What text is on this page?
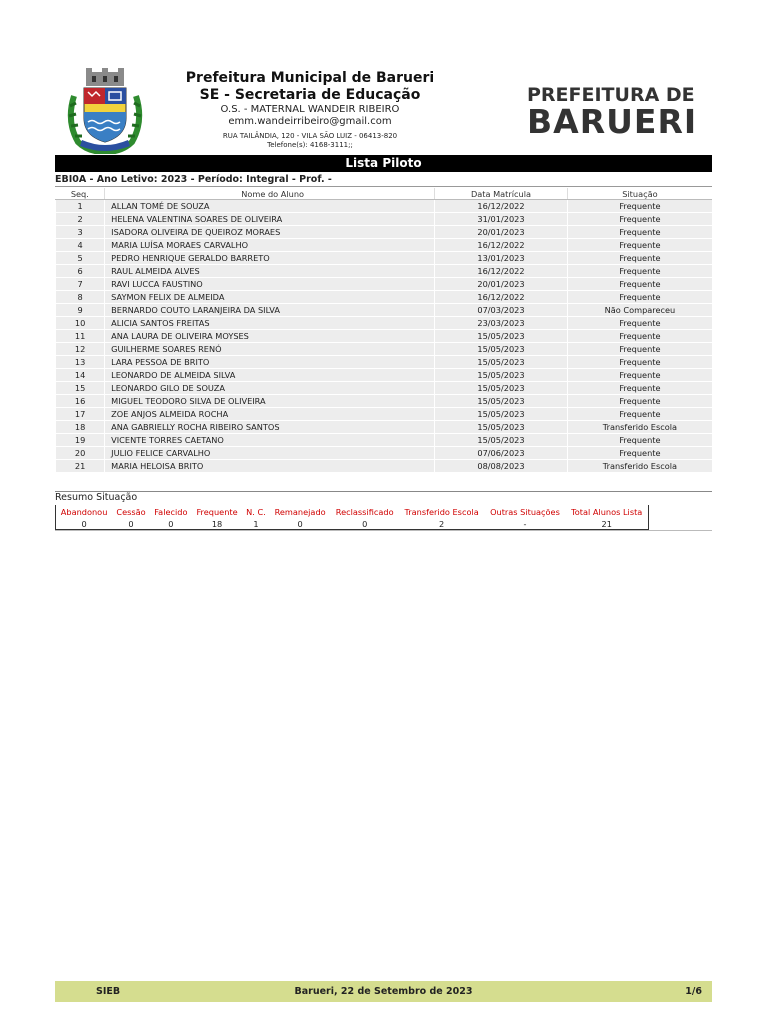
Prefeitura Municipal de Barueri
SE - Secretaria de Educação
O.S. - MATERNAL WANDEIR RIBEIRO
emm.wandeirribeiro@gmail.com
RUA TAILÂNDIA, 120 - VILA SÃO LUIZ - 06413-820
Telefone(s): 4168-3111;;
PREFEITURA DE
BARUERI
Lista Piloto
EBI0A - Ano Letivo: 2023 - Período: Integral - Prof. -
Seq.	Nome do Aluno	Data Matrícula	Situação
1	ALLAN TOMÉ DE SOUZA	16/12/2022	Frequente
2	HELENA VALENTINA SOARES DE OLIVEIRA	31/01/2023	Frequente
3	ISADORA OLIVEIRA DE QUEIROZ MORAES	20/01/2023	Frequente
4	MARIA LUÍSA MORAES CARVALHO	16/12/2022	Frequente
5	PEDRO HENRIQUE GERALDO BARRETO	13/01/2023	Frequente
6	RAUL ALMEIDA ALVES	16/12/2022	Frequente
7	RAVI LUCCA FAUSTINO	20/01/2023	Frequente
8	SAYMON FELIX DE ALMEIDA	16/12/2022	Frequente
9	BERNARDO COUTO LARANJEIRA DA SILVA	07/03/2023	Não Compareceu
10	ALICIA SANTOS FREITAS	23/03/2023	Frequente
11	ANA LAURA DE OLIVEIRA MOYSES	15/05/2023	Frequente
12	GUILHERME SOARES RENÓ	15/05/2023	Frequente
13	LARA PESSOA DE BRITO	15/05/2023	Frequente
14	LEONARDO DE ALMEIDA SILVA	15/05/2023	Frequente
15	LEONARDO GILO DE SOUZA	15/05/2023	Frequente
16	MIGUEL TEODORO SILVA DE OLIVEIRA	15/05/2023	Frequente
17	ZOE ANJOS ALMEIDA ROCHA	15/05/2023	Frequente
18	ANA GABRIELLY ROCHA RIBEIRO SANTOS	15/05/2023	Transferido Escola
19	VICENTE TORRES CAETANO	15/05/2023	Frequente
20	JULIO FELICE CARVALHO	07/06/2023	Frequente
21	MARIA HELOISA BRITO	08/08/2023	Transferido Escola
Resumo Situação
Abandonou	Cessão	Falecido	Frequente	N. C.	Remanejado	Reclassificado	Transferido Escola	Outras Situações	Total Alunos Lista
0	0	0	18	1	0	0	2	-	21
Barueri, 22 de Setembro de 2023
SIEB	1/6
